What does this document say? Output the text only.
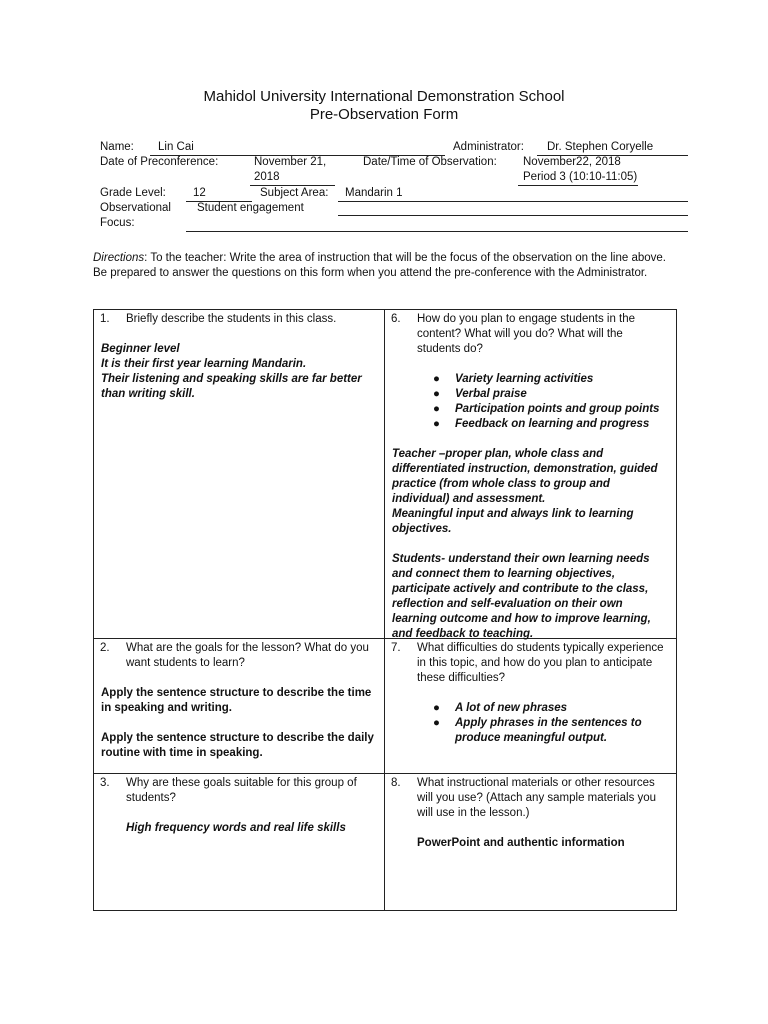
Mahidol University International Demonstration School
Pre-Observation Form
Name: Lin Cai	Administrator: Dr. Stephen Coryelle
Date of Preconference:	November 21,
2018
Date/Time of Observation: November22, 2018
Period 3 (10:10-11:05)
Grade Level: 12	Subject Area: Mandarin 1
Observational
Focus:
Student engagement
Directions: To the teacher: Write the area of instruction that will be the focus of the observation on the line above. Be prepared to answer the questions on this form when you attend the pre-conference with the Administrator.
1.	Briefly describe the students in this class.

Beginner level

It is their first year learning Mandarin.

Their listening and speaking skills are far better than writing skill.

6.	How do you plan to engage students in the content? What will you do? What will the students do?
● Variety learning activities
● Verbal praise
● Participation points and group points
● Feedback on learning and progress

Teacher –proper plan, whole class and differentiated instruction, demonstration, guided practice (from whole class to group and individual) and assessment.

Meaningful input and always link to learning objectives.

Students- understand their own learning needs and connect them to learning objectives, participate actively and contribute to the class, reflection and self-evaluation on their own learning outcome and how to improve learning, and feedback to teaching.

2.	What are the goals for the lesson? What do you want students to learn?

Apply the sentence structure to describe the time in speaking and writing.

Apply the sentence structure to describe the daily routine with time in speaking.

7.	What difficulties do students typically experience in this topic, and how do you plan to anticipate these difficulties?
● A lot of new phrases
● Apply phrases in the sentences to produce meaningful output.
3.	Why are these goals suitable for this group of students?

High frequency words and real life skills

8.	What instructional materials or other resources will you use? (Attach any sample materials you will use in the lesson.)

PowerPoint and authentic information
